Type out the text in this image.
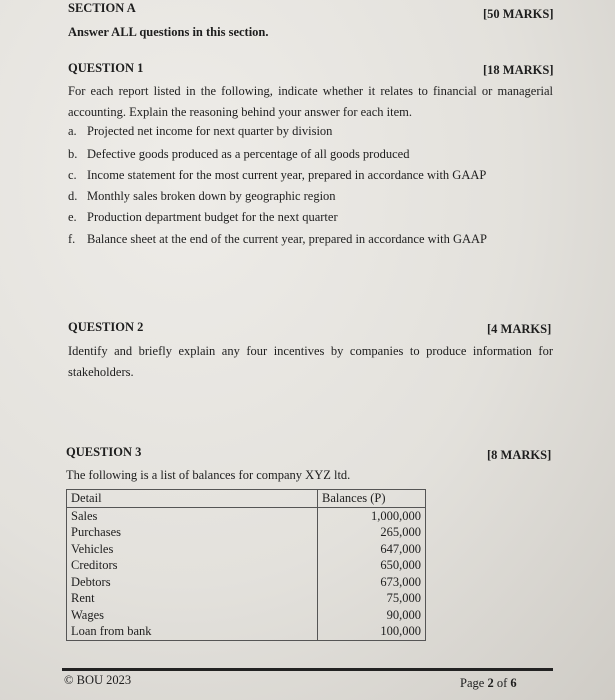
SECTION A	[50 MARKS]
Answer ALL questions in this section.
QUESTION 1	[18 MARKS]
For each report listed in the following, indicate whether it relates to financial or managerial accounting. Explain the reasoning behind your answer for each item.
a. Projected net income for next quarter by division
b. Defective goods produced as a percentage of all goods produced
c. Income statement for the most current year, prepared in accordance with GAAP
d. Monthly sales broken down by geographic region
e. Production department budget for the next quarter
f. Balance sheet at the end of the current year, prepared in accordance with GAAP
QUESTION 2	[4 MARKS]
Identify and briefly explain any four incentives by companies to produce information for stakeholders.
QUESTION 3	[8 MARKS]
The following is a list of balances for company XYZ ltd.
Detail	Balances (P)
Sales	1,000,000
Purchases	265,000
Vehicles	647,000
Creditors	650,000
Debtors	673,000
Rent	75,000
Wages	90,000
Loan from bank	100,000
© BOU 2023	Page 2 of 6
